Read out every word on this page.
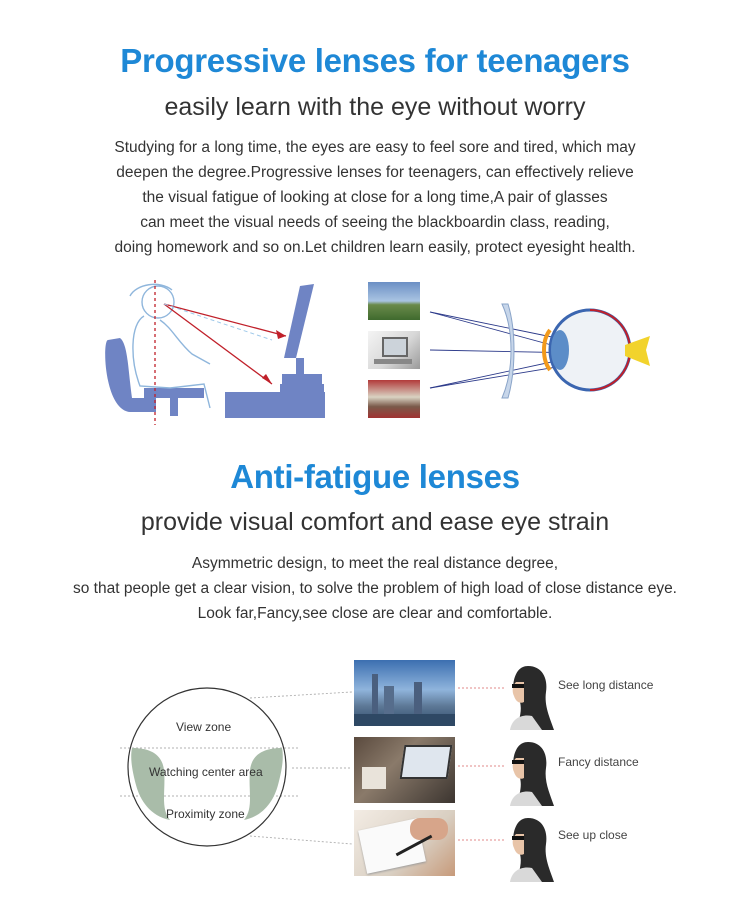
Progressive lenses for teenagers
easily learn with the eye without worry
Studying for a long time, the eyes are easy to feel sore and tired, which may
deepen the degree.Progressive lenses for teenagers, can effectively relieve
the visual fatigue of looking at close for a long time,A pair of glasses
can meet the visual needs of seeing the blackboardin class, reading,
doing homework and so on.Let children learn easily, protect eyesight health.
Anti-fatigue lenses
provide visual comfort and ease eye strain
Asymmetric design, to meet the real distance degree,
so that people get a clear vision, to solve the problem of high load of close distance eye.
Look far,Fancy,see close are clear and comfortable.
View zone
Watching center area
Proximity zone
See long distance
Fancy distance
See up close
